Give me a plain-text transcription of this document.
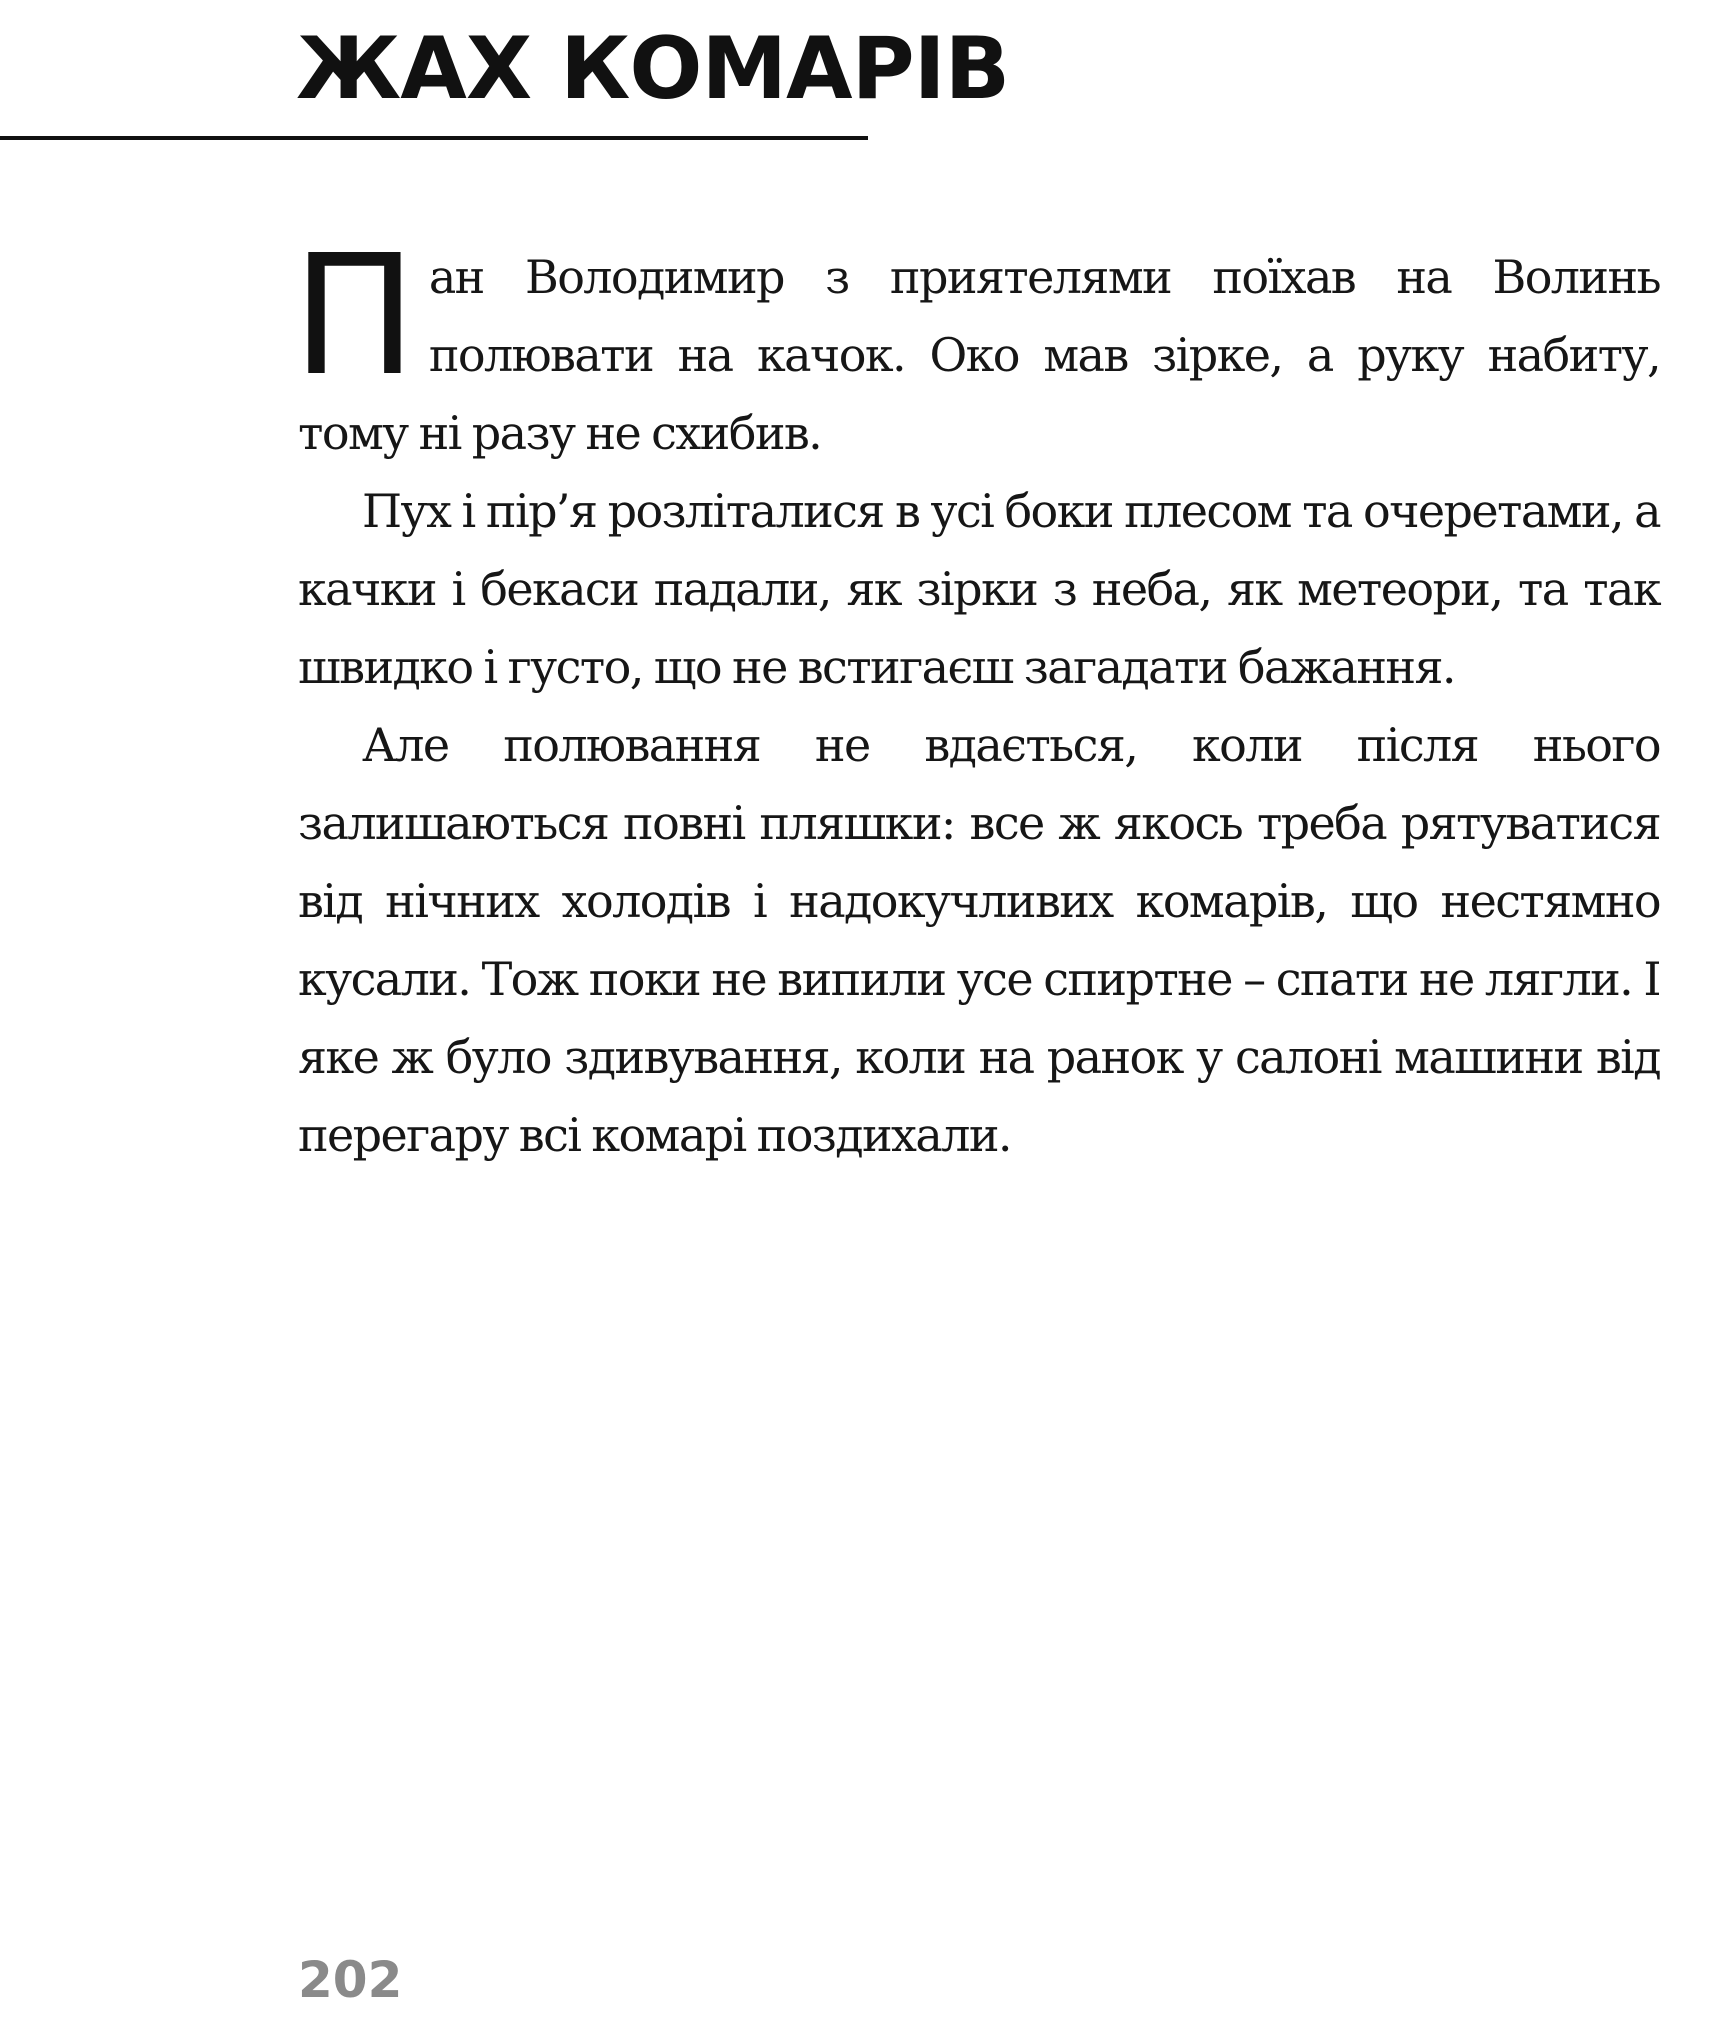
ЖАХ КОМАРІВ

Пан Володимир з приятелями поїхав на Волинь полювати на качок. Око мав зірке, а руку набиту, тому ні разу не схибив.

Пух і пір’я розліталися в усі боки плесом та очеретами, а качки і бекаси падали, як зірки з неба, як метеори, та так швидко і густо, що не встигаєш загадати бажання.

Але полювання не вдається, коли після нього залишаються повні пляшки: все ж якось треба рятуватися від нічних холодів і надокучливих комарів, що нестямно кусали. Тож поки не випили усе спиртне – спати не лягли. І яке ж було здивування, коли на ранок у салоні машини від перегару всі комарі поздихали.

202
